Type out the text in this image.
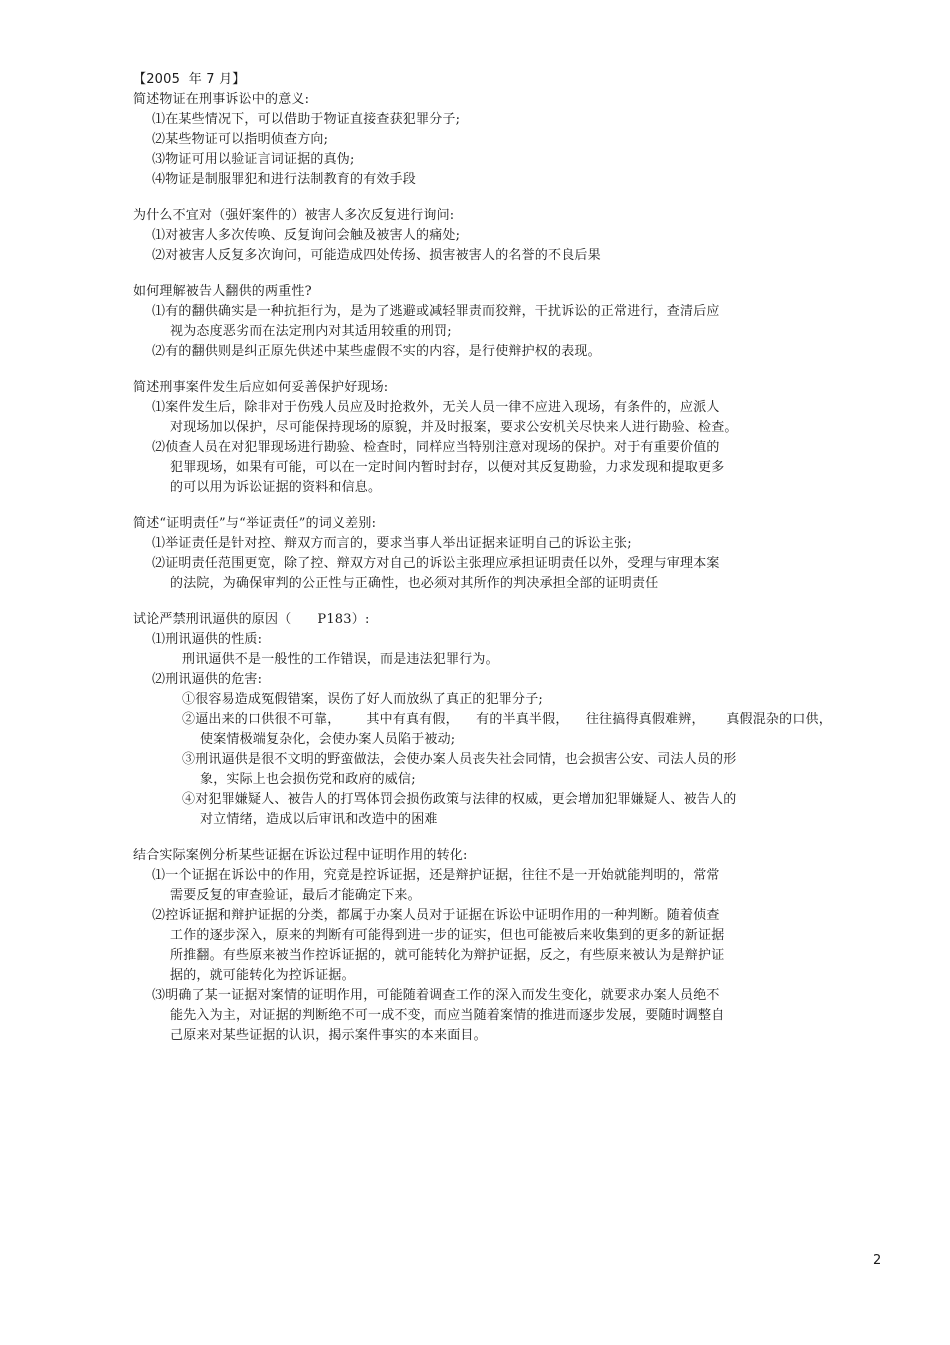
【2005  年 7 月】
简述物证在刑事诉讼中的意义:
⑴在某些情况下，可以借助于物证直接查获犯罪分子;
⑵某些物证可以指明侦查方向;
⑶物证可用以验证言词证据的真伪;
⑷物证是制服罪犯和进行法制教育的有效手段
为什么不宜对（强奸案件的）被害人多次反复进行询问:
⑴对被害人多次传唤、反复询问会触及被害人的痛处;
⑵对被害人反复多次询问，可能造成四处传扬、损害被害人的名誉的不良后果
如何理解被告人翻供的两重性?
⑴有的翻供确实是一种抗拒行为，是为了逃避或减轻罪责而狡辩，干扰诉讼的正常进行，查清后应
视为态度恶劣而在法定刑内对其适用较重的刑罚;
⑵有的翻供则是纠正原先供述中某些虚假不实的内容，是行使辩护权的表现。
简述刑事案件发生后应如何妥善保护好现场:
⑴案件发生后，除非对于伤残人员应及时抢救外，无关人员一律不应进入现场，有条件的，应派人
对现场加以保护，尽可能保持现场的原貌，并及时报案，要求公安机关尽快来人进行勘验、检查。
⑵侦查人员在对犯罪现场进行勘验、检查时，同样应当特别注意对现场的保护。对于有重要价值的
犯罪现场，如果有可能，可以在一定时间内暂时封存，以便对其反复勘验，力求发现和提取更多
的可以用为诉讼证据的资料和信息。
简述“证明责任”与“举证责任”的词义差别:
⑴举证责任是针对控、辩双方而言的，要求当事人举出证据来证明自己的诉讼主张;
⑵证明责任范围更宽，除了控、辩双方对自己的诉讼主张理应承担证明责任以外，受理与审理本案
的法院，为确保审判的公正性与正确性，也必须对其所作的判决承担全部的证明责任
试论严禁刑讯逼供的原因（      P183）:
⑴刑讯逼供的性质:
刑讯逼供不是一般性的工作错误，而是违法犯罪行为。
⑵刑讯逼供的危害:
①很容易造成冤假错案，误伤了好人而放纵了真正的犯罪分子;
②逼出来的口供很不可靠，      其中有真有假，    有的半真半假，    往往搞得真假难辨，     真假混杂的口供，
使案情极端复杂化，会使办案人员陷于被动;
③刑讯逼供是很不文明的野蛮做法，会使办案人员丧失社会同情，也会损害公安、司法人员的形
象，实际上也会损伤党和政府的威信;
④对犯罪嫌疑人、被告人的打骂体罚会损伤政策与法律的权威，更会增加犯罪嫌疑人、被告人的
对立情绪，造成以后审讯和改造中的困难
结合实际案例分析某些证据在诉讼过程中证明作用的转化:
⑴一个证据在诉讼中的作用，究竟是控诉证据，还是辩护证据，往往不是一开始就能判明的，常常
需要反复的审查验证，最后才能确定下来。
⑵控诉证据和辩护证据的分类，都属于办案人员对于证据在诉讼中证明作用的一种判断。随着侦查
工作的逐步深入，原来的判断有可能得到进一步的证实，但也可能被后来收集到的更多的新证据
所推翻。有些原来被当作控诉证据的，就可能转化为辩护证据，反之，有些原来被认为是辩护证
据的，就可能转化为控诉证据。
⑶明确了某一证据对案情的证明作用，可能随着调查工作的深入而发生变化，就要求办案人员绝不
能先入为主，对证据的判断绝不可一成不变，而应当随着案情的推进而逐步发展，要随时调整自
己原来对某些证据的认识，揭示案件事实的本来面目。
2
